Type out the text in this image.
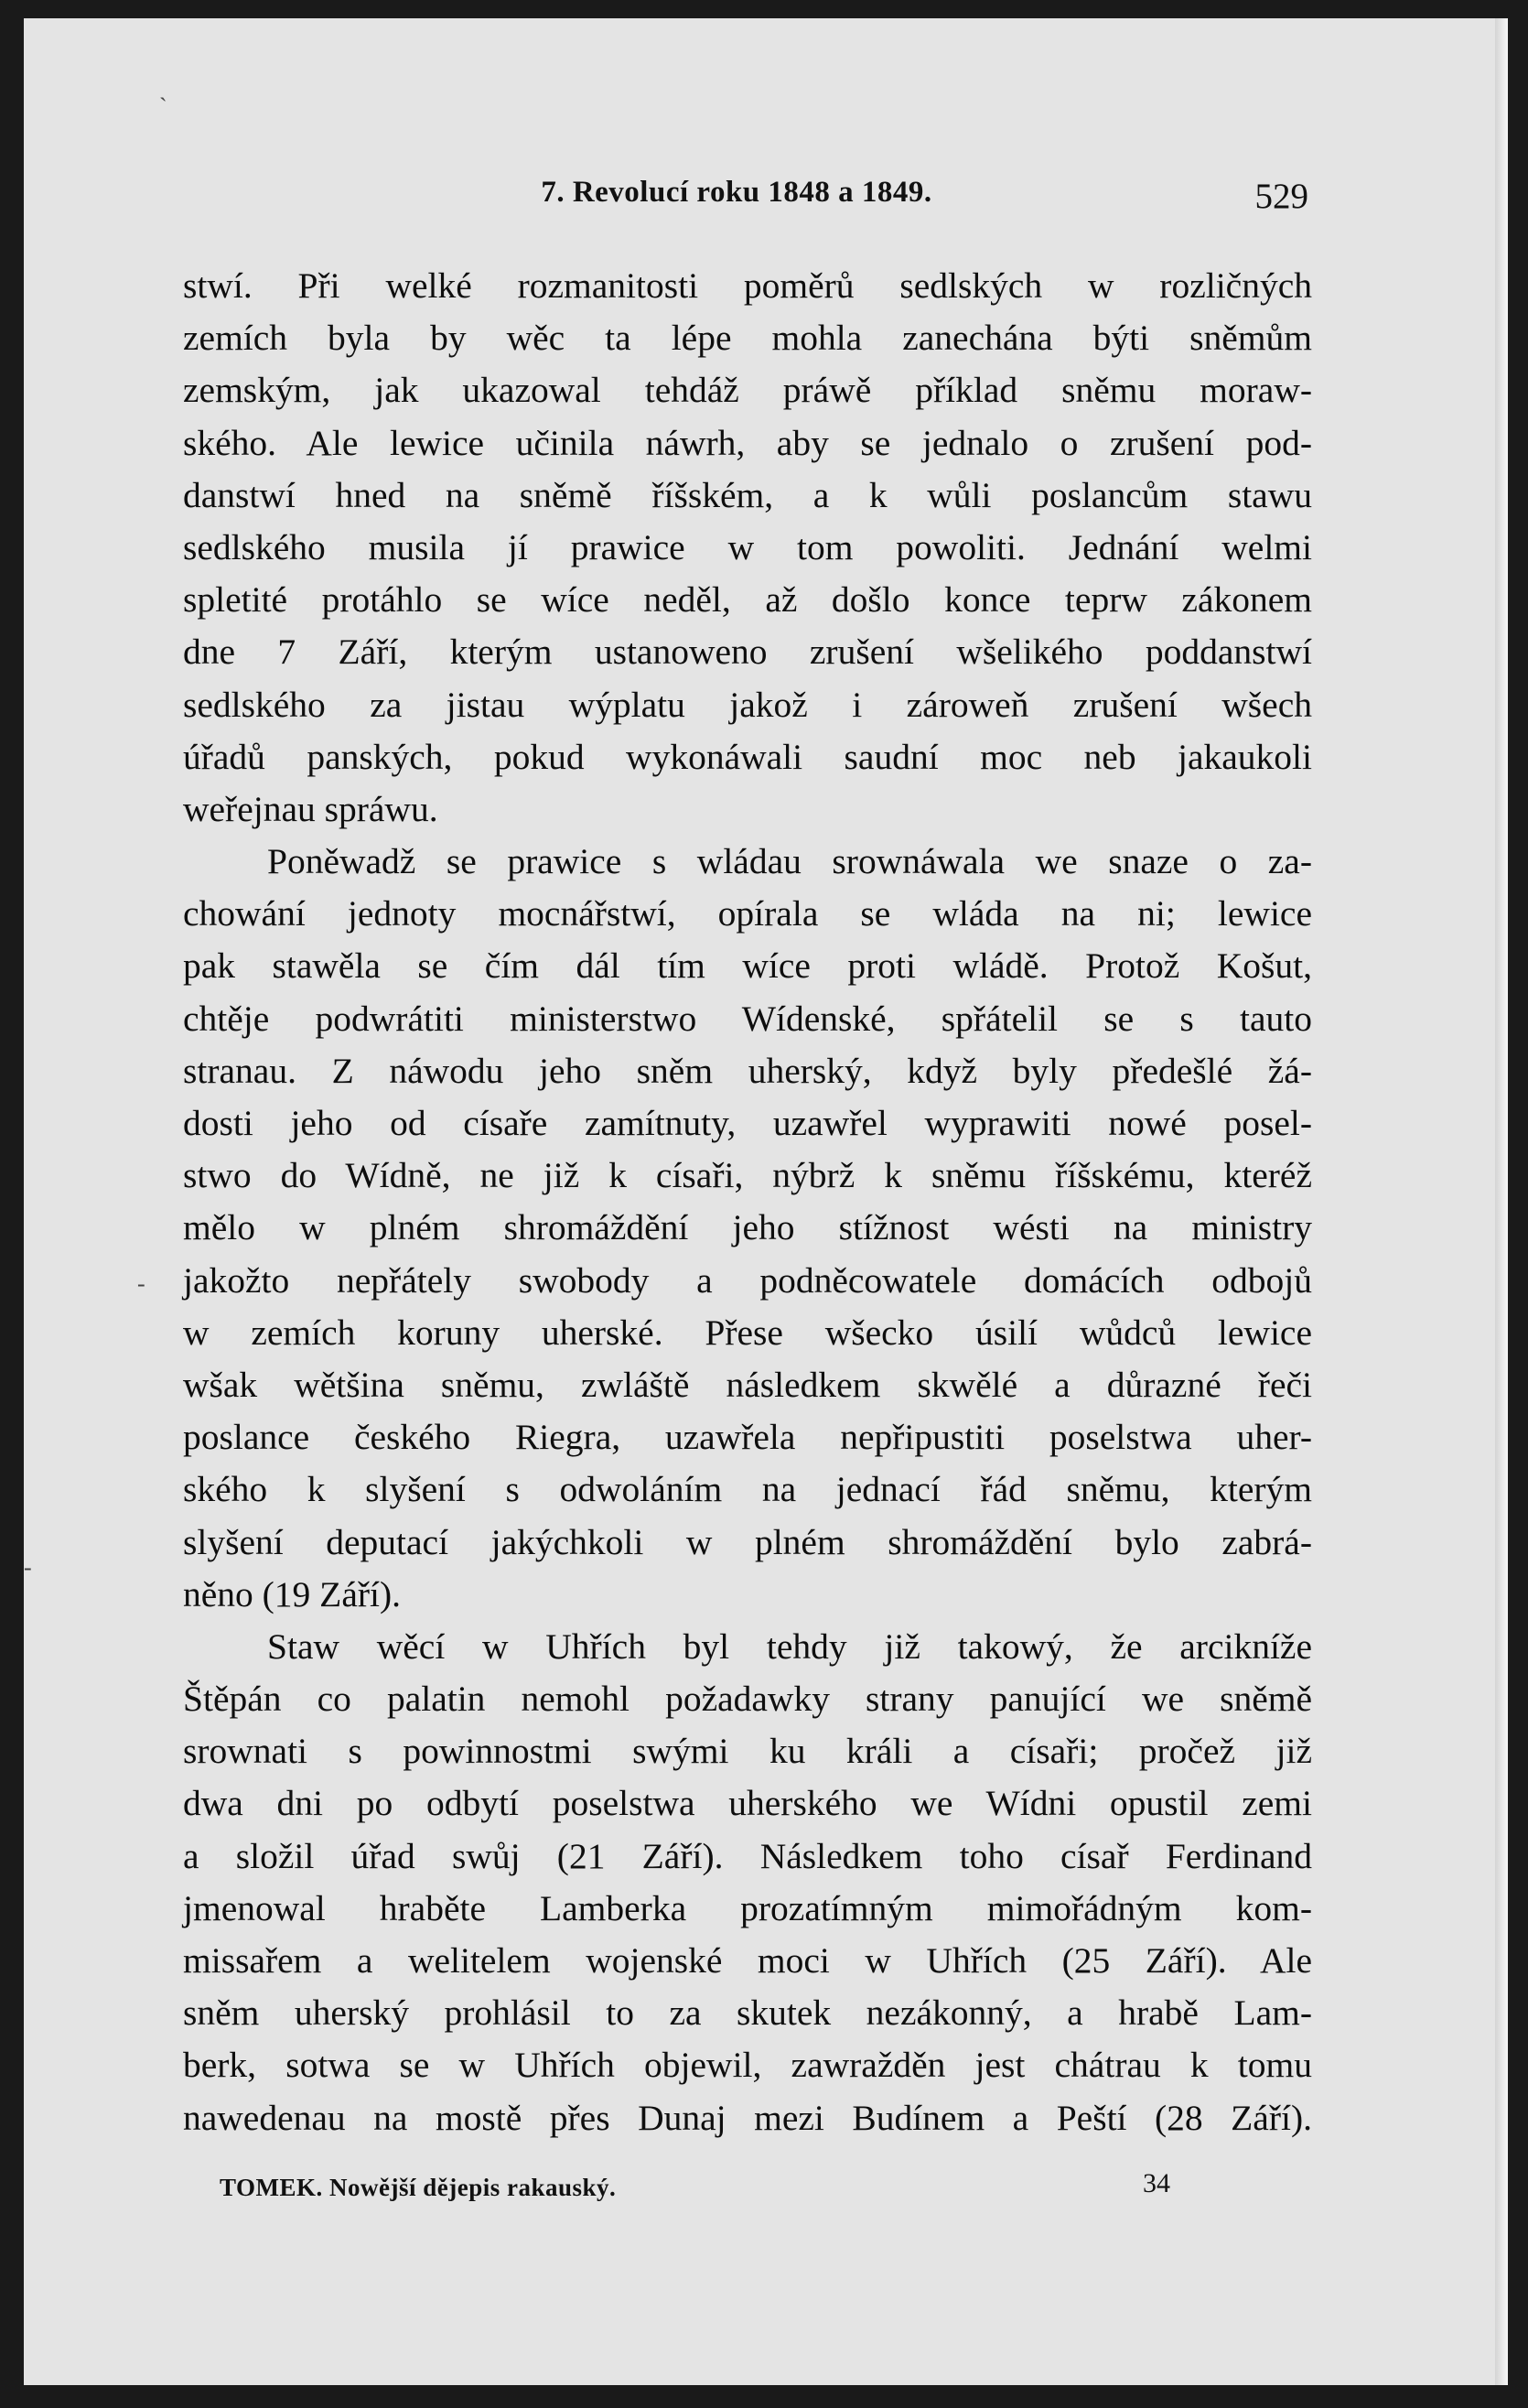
`
-
-
7. Revolucí roku 1848 a 1849.	529
stwí. Při welké rozmanitosti poměrů sedlských w rozličných
zemích byla by wěc ta lépe mohla zanechána býti sněmům
zemským, jak ukazowal tehdáž práwě příklad sněmu moraw-
ského. Ale lewice učinila náwrh, aby se jednalo o zrušení pod-
danstwí hned na sněmě říšském, a k wůli poslancům stawu
sedlského musila jí prawice w tom powoliti. Jednání welmi
spletité protáhlo se wíce neděl, až došlo konce teprw zákonem
dne 7 Září, kterým ustanoweno zrušení wšelikého poddanstwí
sedlského za jistau wýplatu jakož i zároweň zrušení wšech
úřadů panských, pokud wykonáwali saudní moc neb jakaukoli
weřejnau spráwu.
Poněwadž se prawice s wládau srownáwala we snaze o za-
chowání jednoty mocnářstwí, opírala se wláda na ni; lewice
pak stawěla se čím dál tím wíce proti wládě. Protož Košut,
chtěje podwrátiti ministerstwo Wídenské, spřátelil se s tauto
stranau. Z náwodu jeho sněm uherský, když byly předešlé žá-
dosti jeho od císaře zamítnuty, uzawřel wyprawiti nowé posel-
stwo do Wídně, ne již k císaři, nýbrž k sněmu říšskému, kteréž
mělo w plném shromáždění jeho stížnost wésti na ministry
jakožto nepřátely swobody a podněcowatele domácích odbojů
w zemích koruny uherské. Přese wšecko úsilí wůdců lewice
wšak wětšina sněmu, zwláště následkem skwělé a důrazné řeči
poslance českého Riegra, uzawřela nepřipustiti poselstwa uher-
ského k slyšení s odwoláním na jednací řád sněmu, kterým
slyšení deputací jakýchkoli w plném shromáždění bylo zabrá-
něno (19 Září).
Staw wěcí w Uhřích byl tehdy již takowý, že arcikníže
Štěpán co palatin nemohl požadawky strany panující we sněmě
srownati s powinnostmi swými ku králi a císaři; pročež již
dwa dni po odbytí poselstwa uherského we Wídni opustil zemi
a složil úřad swůj (21 Září). Následkem toho císař Ferdinand
jmenowal hraběte Lamberka prozatímným mimořádným kom-
missařem a welitelem wojenské moci w Uhřích (25 Září). Ale
sněm uherský prohlásil to za skutek nezákonný, a hrabě Lam-
berk, sotwa se w Uhřích objewil, zawražděn jest chátrau k tomu
nawedenau na mostě přes Dunaj mezi Budínem a Peští (28 Září).
TOMEK. Nowější dějepis rakauský.	34
